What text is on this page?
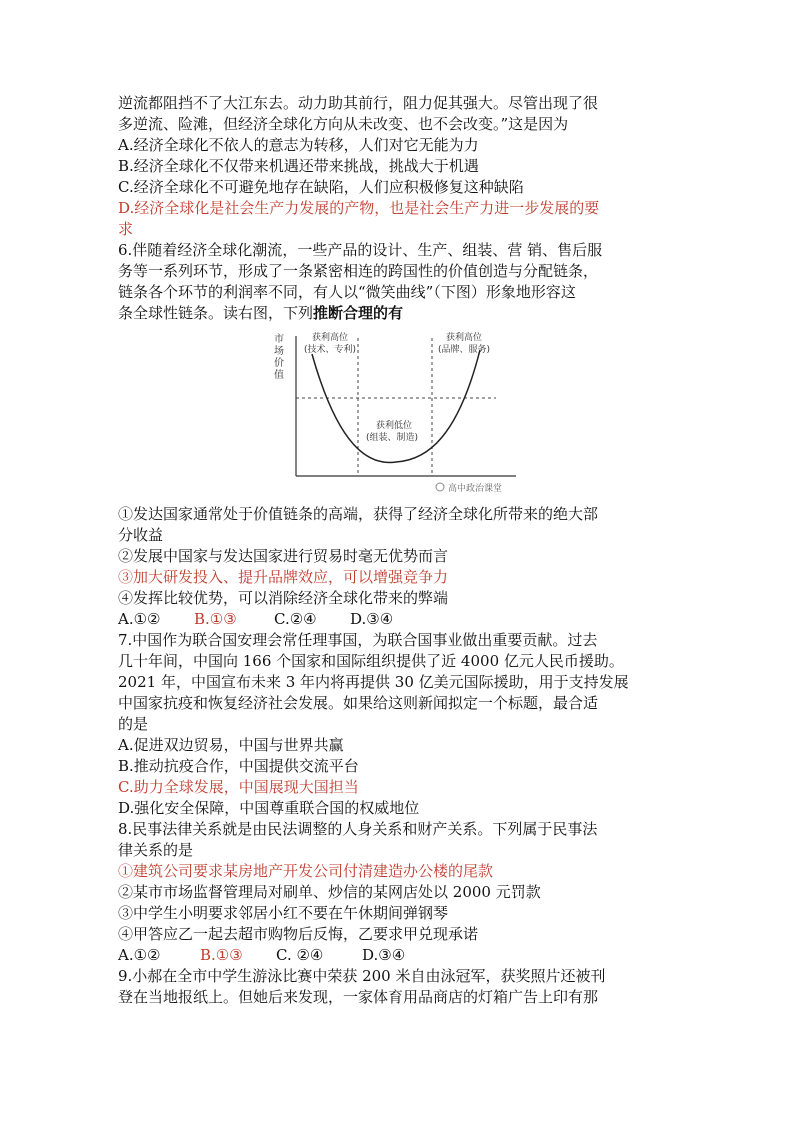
逆流都阻挡不了大江东去。动力助其前行，阻力促其强大。尽管出现了很
多逆流、险滩，但经济全球化方向从未改变、也不会改变。”这是因为
A.经济全球化不依人的意志为转移，人们对它无能为力
B.经济全球化不仅带来机遇还带来挑战，挑战大于机遇
C.经济全球化不可避免地存在缺陷，人们应积极修复这种缺陷
D.经济全球化是社会生产力发展的产物，也是社会生产力进一步发展的要
求
6.伴随着经济全球化潮流，一些产品的设计、生产、组装、营 销、售后服
务等一系列环节，形成了一条紧密相连的跨国性的价值创造与分配链条，
链条各个环节的利润率不同，有人以“微笑曲线”（下图）形象地形容这
条全球性链条。读右图，下列推断合理的有
市
场
价
值
获利高位
(技术、专利)
获利高位
(品牌、服务)
获利低位
(组装、制造)
高中政治课堂
①发达国家通常处于价值链条的高端，获得了经济全球化所带来的绝大部
分收益
②发展中国家与发达国家进行贸易时毫无优势而言
③加大研发投入、提升品牌效应，可以增强竞争力
④发挥比较优势，可以消除经济全球化带来的弊端
A.①② B.①③ C.②④ D.③④
7.中国作为联合国安理会常任理事国，为联合国事业做出重要贡献。过去
几十年间，中国向 166 个国家和国际组织提供了近 4000 亿元人民币援助。
2021 年，中国宣布未来 3 年内将再提供 30 亿美元国际援助，用于支持发展
中国家抗疫和恢复经济社会发展。如果给这则新闻拟定一个标题，最合适
的是
A.促进双边贸易，中国与世界共赢
B.推动抗疫合作，中国提供交流平台
C.助力全球发展，中国展现大国担当
D.强化安全保障，中国尊重联合国的权威地位
8.民事法律关系就是由民法调整的人身关系和财产关系。下列属于民事法
律关系的是
①建筑公司要求某房地产开发公司付清建造办公楼的尾款
②某市市场监督管理局对刷单、炒信的某网店处以 2000 元罚款
③中学生小明要求邻居小红不要在午休期间弹钢琴
④甲答应乙一起去超市购物后反悔，乙要求甲兑现承诺
A.①②	B.①③ C. ②④	D.③④
9.小郝在全市中学生游泳比赛中荣获 200 米自由泳冠军，获奖照片还被刊
登在当地报纸上。但她后来发现，一家体育用品商店的灯箱广告上印有那
